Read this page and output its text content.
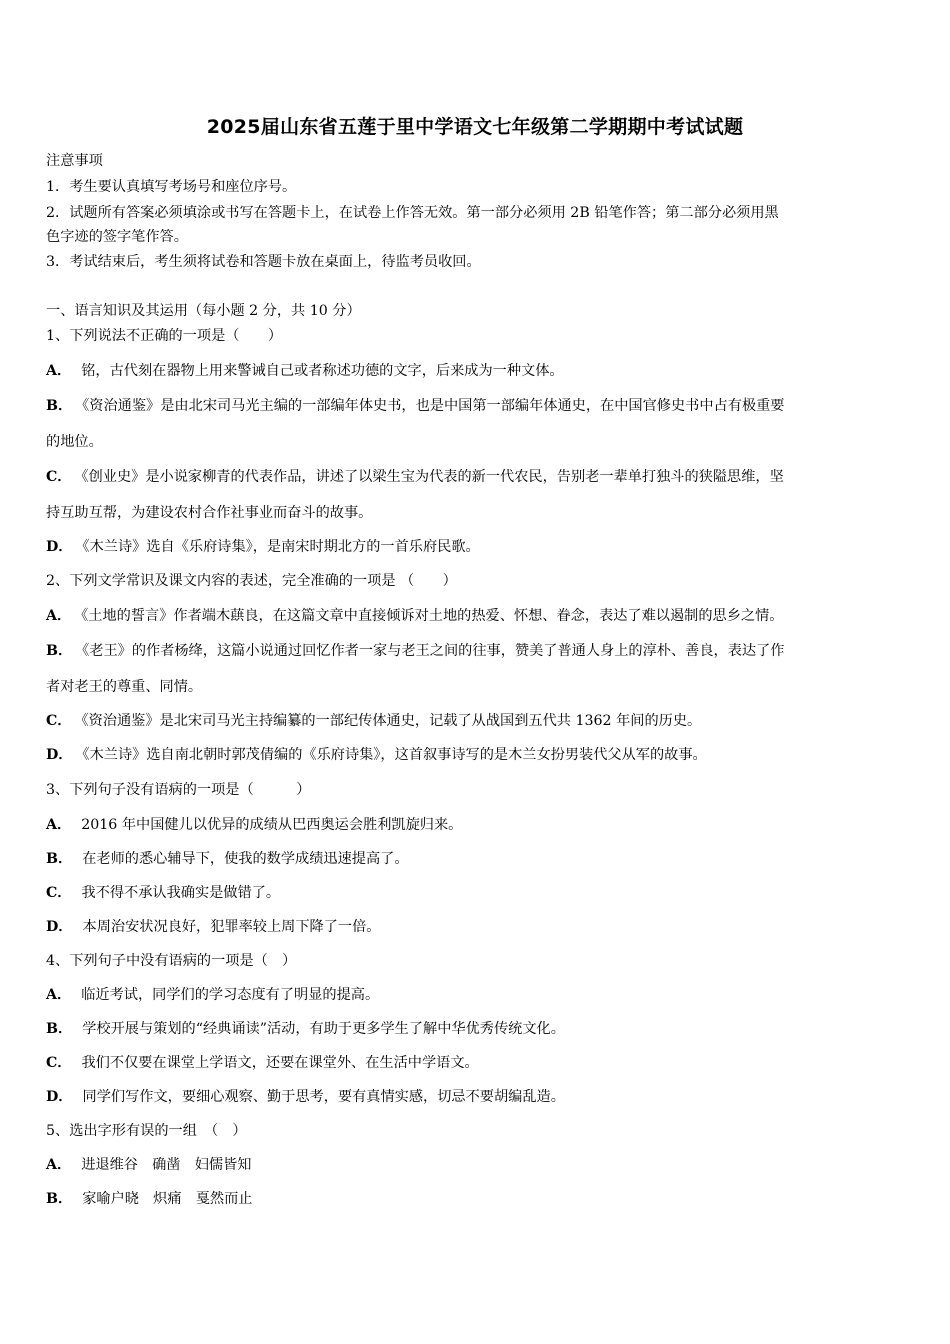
2025届山东省五莲于里中学语文七年级第二学期期中考试试题
注意事项
1．考生要认真填写考场号和座位序号。
2．试题所有答案必须填涂或书写在答题卡上，在试卷上作答无效。第一部分必须用 2B 铅笔作答；第二部分必须用黑
色字迹的签字笔作答。
3．考试结束后，考生须将试卷和答题卡放在桌面上，待监考员收回。
一、语言知识及其运用（每小题 2 分，共 10 分）
1、下列说法不正确的一项是（　　）
A． 铭，古代刻在器物上用来警诫自己或者称述功德的文字，后来成为一种文体。
B． 《资治通鉴》是由北宋司马光主编的一部编年体史书，也是中国第一部编年体通史，在中国官修史书中占有极重要
的地位。
C． 《创业史》是小说家柳青的代表作品，讲述了以梁生宝为代表的新一代农民，告别老一辈单打独斗的狭隘思维，坚
持互助互帮，为建设农村合作社事业而奋斗的故事。
D． 《木兰诗》选自《乐府诗集》，是南宋时期北方的一首乐府民歌。
2、下列文学常识及课文内容的表述，完全准确的一项是 （　　）
A． 《土地的誓言》作者端木蕻良，在这篇文章中直接倾诉对土地的热爱、怀想、眷念，表达了难以遏制的思乡之情。
B． 《老王》的作者杨绛，这篇小说通过回忆作者一家与老王之间的往事，赞美了普通人身上的淳朴、善良，表达了作
者对老王的尊重、同情。
C． 《资治通鉴》是北宋司马光主持编纂的一部纪传体通史，记载了从战国到五代共 1362 年间的历史。
D． 《木兰诗》选自南北朝时郭茂倩编的《乐府诗集》，这首叙事诗写的是木兰女扮男装代父从军的故事。
3、下列句子没有语病的一项是（　　　）
A． 2016 年中国健儿以优异的成绩从巴西奥运会胜利凯旋归来。
B． 在老师的悉心辅导下，使我的数学成绩迅速提高了。
C． 我不得不承认我确实是做错了。
D． 本周治安状况良好，犯罪率较上周下降了一倍。
4、下列句子中没有语病的一项是（　）
A． 临近考试，同学们的学习态度有了明显的提高。
B． 学校开展与策划的“经典诵读”活动，有助于更多学生了解中华优秀传统文化。
C． 我们不仅要在课堂上学语文，还要在课堂外、在生活中学语文。
D． 同学们写作文，要细心观察、勤于思考，要有真情实感，切忌不要胡编乱造。
5、选出字形有误的一组　（　）
A． 进退维谷　确凿　妇儒皆知
B． 家喻户晓　炽痛　戛然而止
